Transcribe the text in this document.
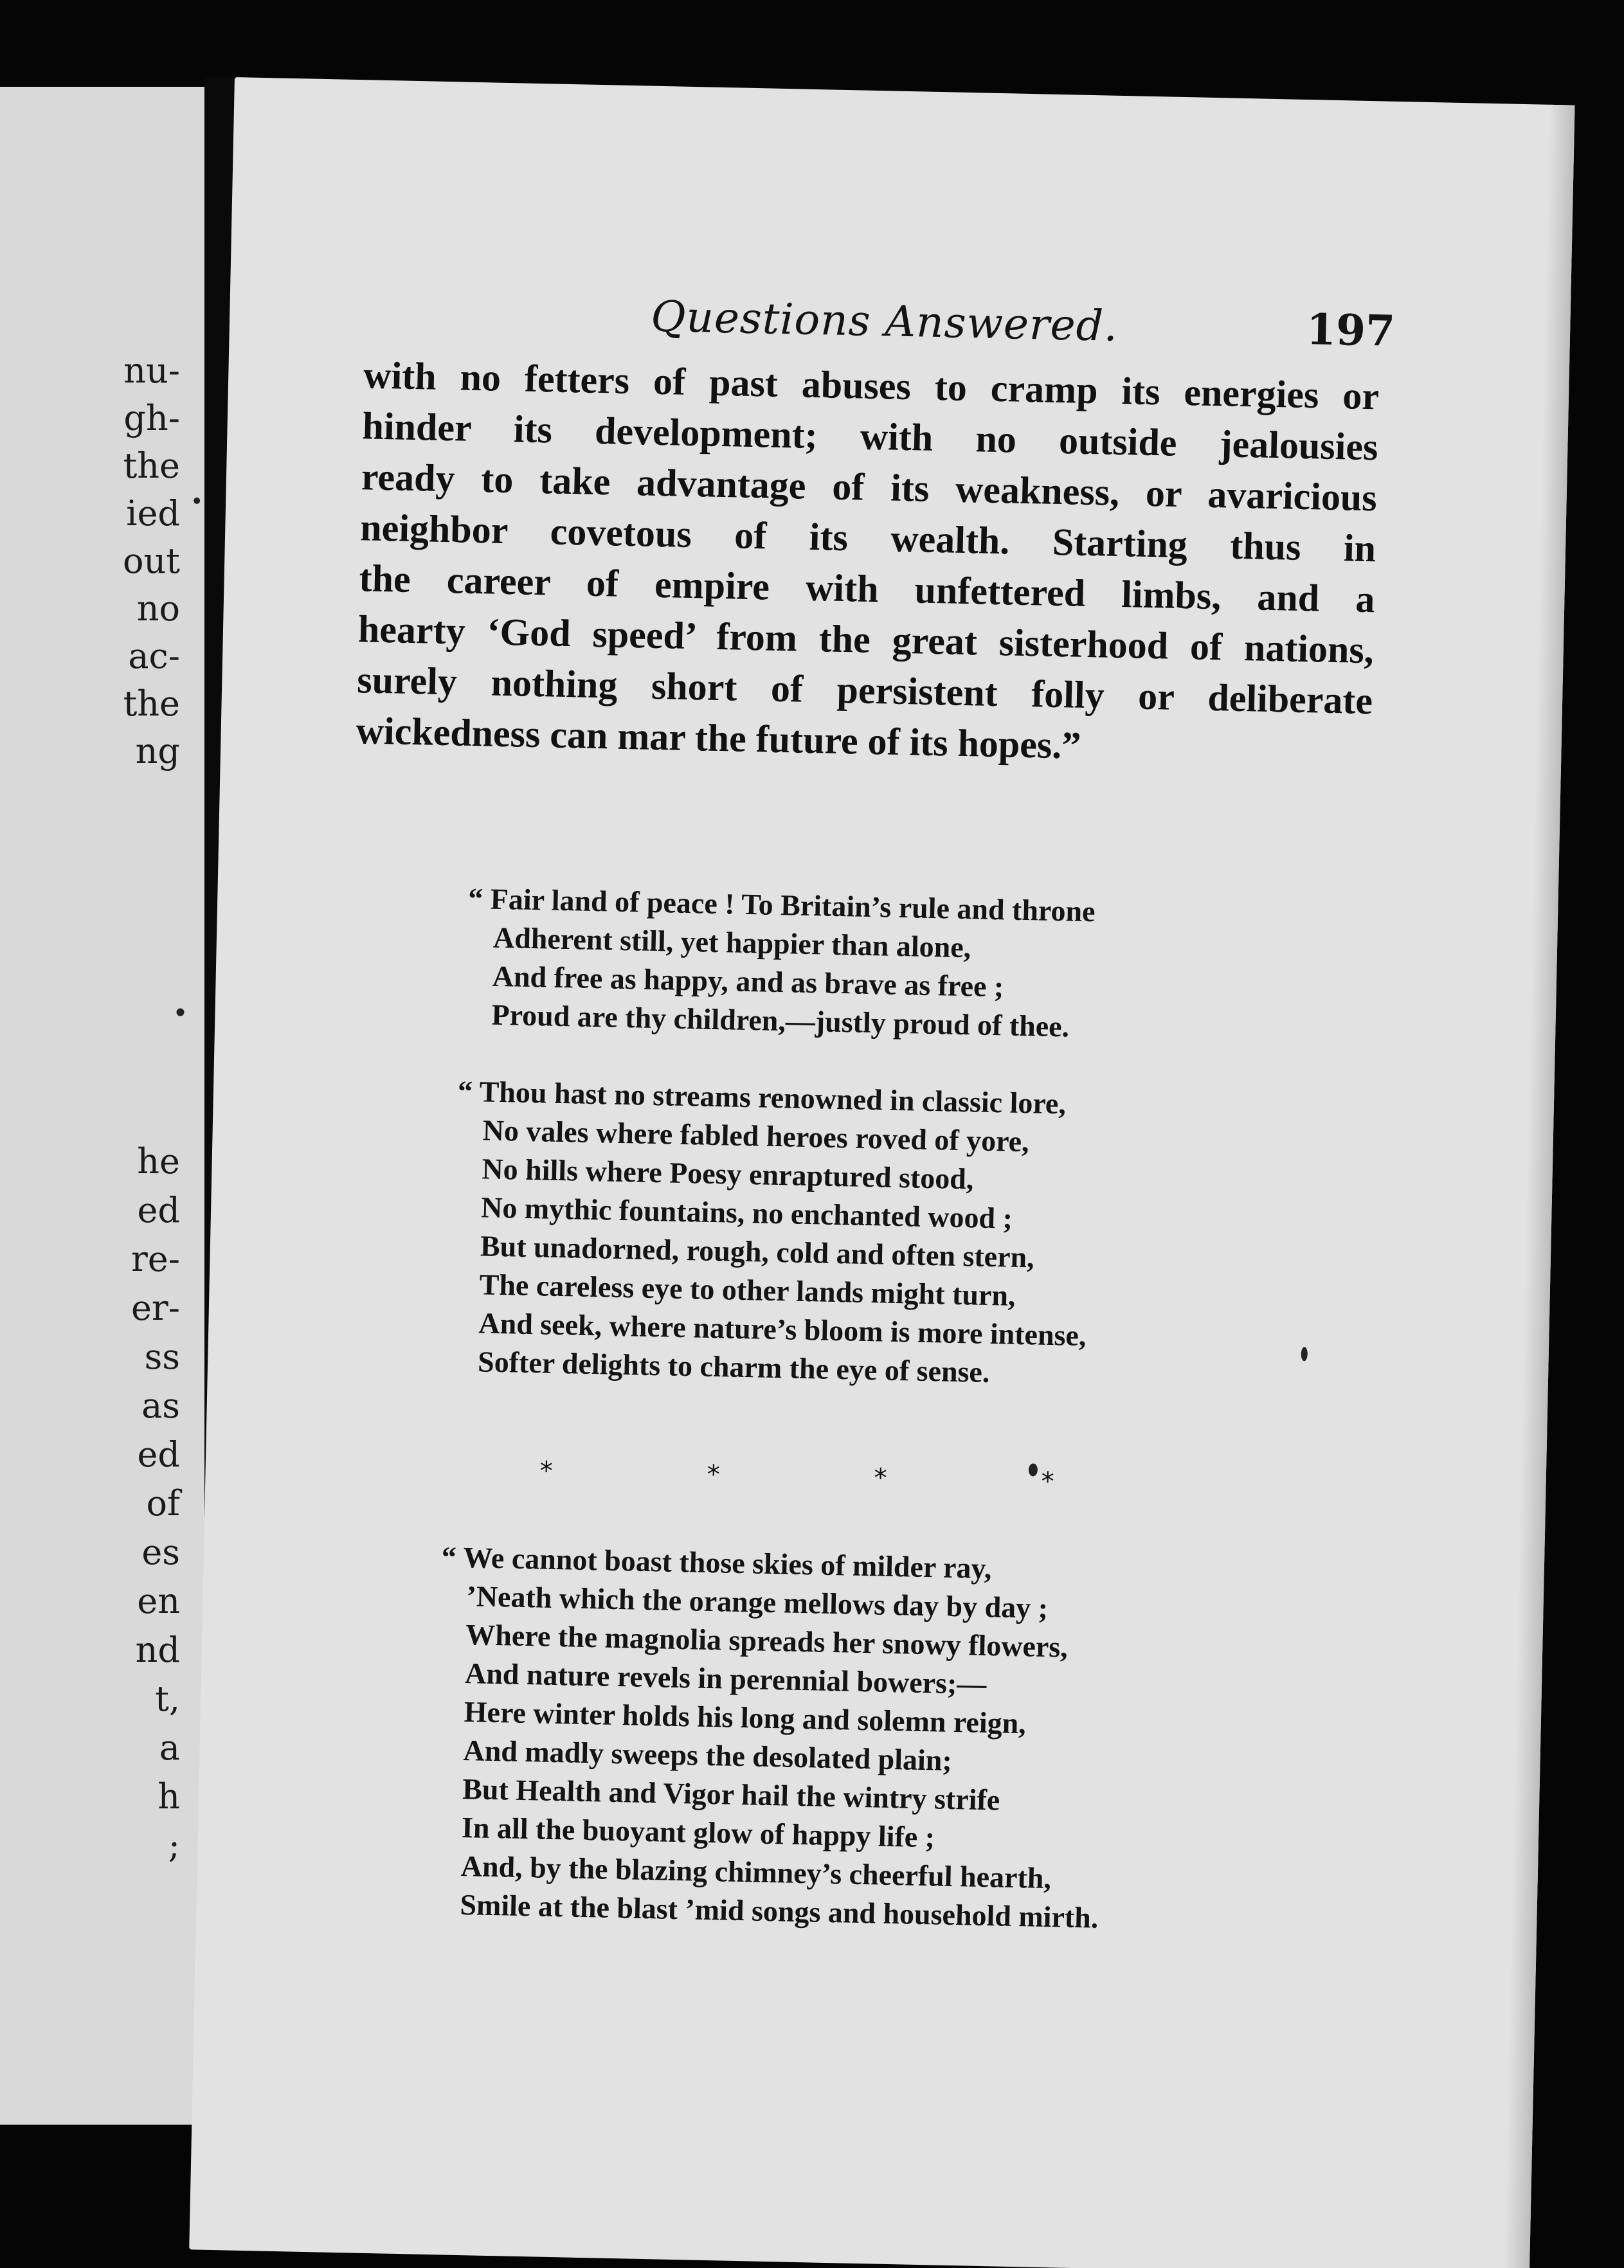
nu-
gh-
the
ied
out
no
ac-
the
ng
he
ed
re-
er-
ss
as
ed
of
es
en
nd
t,
a
h
;
Questions Answered.	197
with no fetters of past abuses to cramp its energies or
hinder its development; with no outside jealousies
ready to take advantage of its weakness, or avaricious
neighbor covetous of its wealth. Starting thus in
the career of empire with unfettered limbs, and a
hearty ‘God speed’ from the great sisterhood of nations,
surely nothing short of persistent folly or deliberate
wickedness can mar the future of its hopes.”
“ Fair land of peace ! To Britain’s rule and throne
Adherent still, yet happier than alone,
And free as happy, and as brave as free ;
Proud are thy children,—justly proud of thee.
“ Thou hast no streams renowned in classic lore,
No vales where fabled heroes roved of yore,
No hills where Poesy enraptured stood,
No mythic fountains, no enchanted wood ;
But unadorned, rough, cold and often stern,
The careless eye to other lands might turn,
And seek, where nature’s bloom is more intense,
Softer delights to charm the eye of sense.
*	*	*	*
“ We cannot boast those skies of milder ray,
’Neath which the orange mellows day by day ;
Where the magnolia spreads her snowy flowers,
And nature revels in perennial bowers;—
Here winter holds his long and solemn reign,
And madly sweeps the desolated plain;
But Health and Vigor hail the wintry strife
In all the buoyant glow of happy life ;
And, by the blazing chimney’s cheerful hearth,
Smile at the blast ’mid songs and household mirth.
